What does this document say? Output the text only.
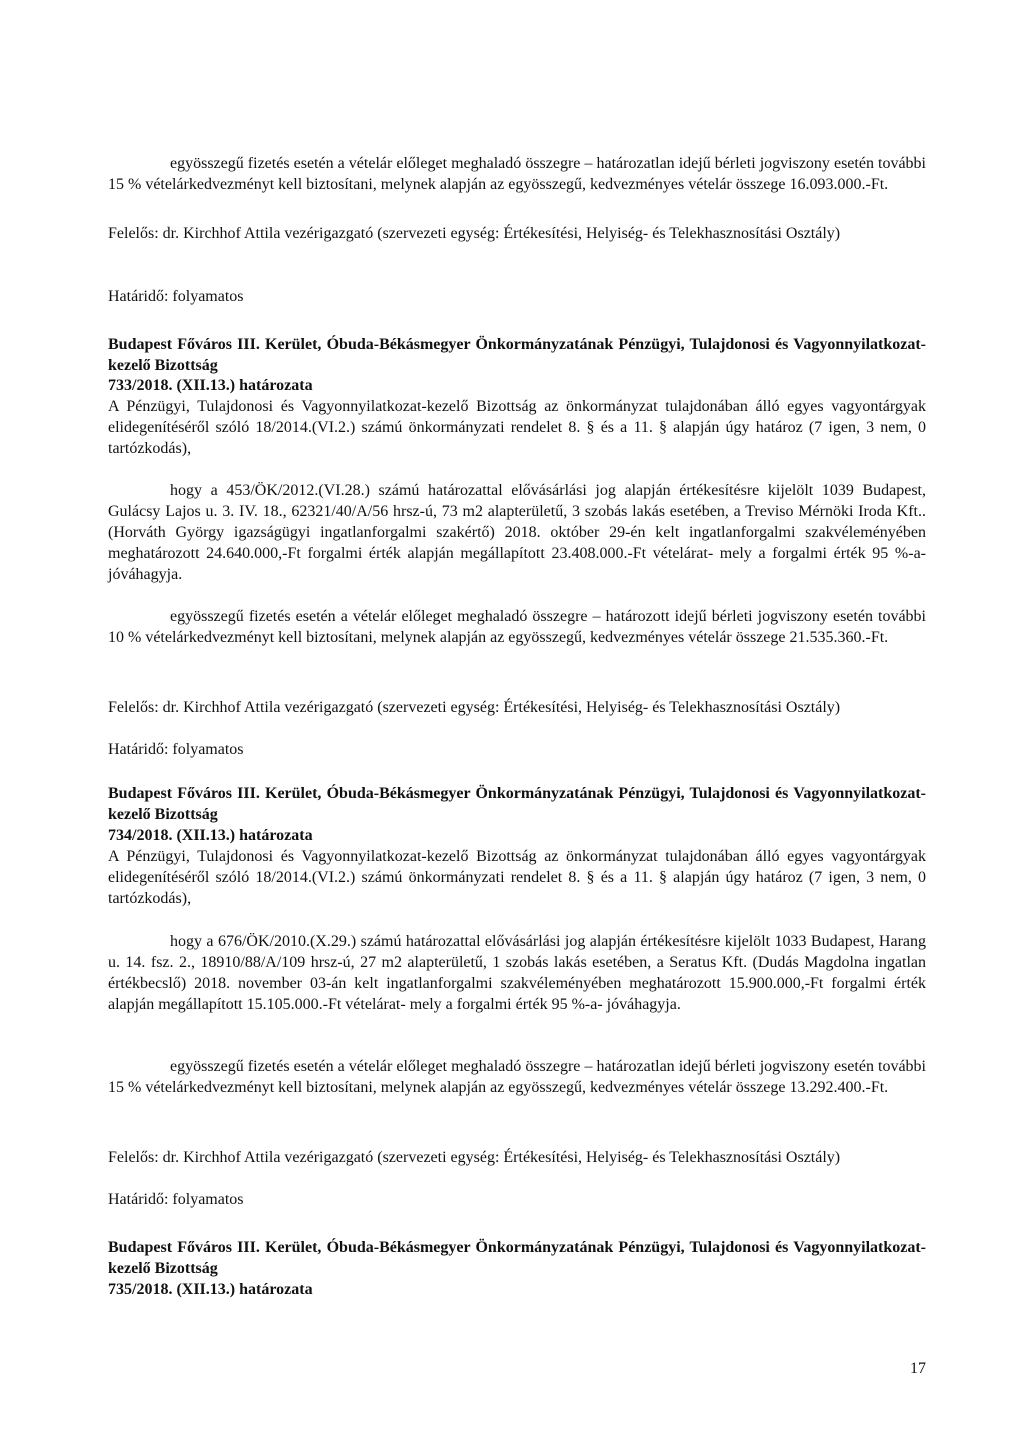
egyösszegű fizetés esetén a vételár előleget meghaladó összegre – határozatlan idejű bérleti jogviszony esetén további 15 % vételárkedvezményt kell biztosítani, melynek alapján az egyösszegű, kedvezményes vételár összege 16.093.000.-Ft.

Felelős: dr. Kirchhof Attila vezérigazgató (szervezeti egység: Értékesítési, Helyiség- és Telekhasznosítási Osztály)

Határidő: folyamatos

Budapest Főváros III. Kerület, Óbuda-Békásmegyer Önkormányzatának Pénzügyi, Tulajdonosi és Vagyonnyilatkozat-kezelő Bizottság

733/2018. (XII.13.) határozata

A Pénzügyi, Tulajdonosi és Vagyonnyilatkozat-kezelő Bizottság az önkormányzat tulajdonában álló egyes vagyontárgyak elidegenítéséről szóló 18/2014.(VI.2.) számú önkormányzati rendelet 8. § és a 11. § alapján úgy határoz (7 igen, 3 nem, 0 tartózkodás),

hogy a 453/ÖK/2012.(VI.28.) számú határozattal elővásárlási jog alapján értékesítésre kijelölt 1039 Budapest, Gulácsy Lajos u. 3. IV. 18., 62321/40/A/56 hrsz-ú, 73 m2 alapterületű, 3 szobás lakás esetében, a Treviso Mérnöki Iroda Kft.. (Horváth György igazságügyi ingatlanforgalmi szakértő) 2018. október 29-én kelt ingatlanforgalmi szakvéleményében meghatározott 24.640.000,-Ft forgalmi érték alapján megállapított 23.408.000.-Ft vételárat- mely a forgalmi érték 95 %-a- jóváhagyja.

egyösszegű fizetés esetén a vételár előleget meghaladó összegre – határozott idejű bérleti jogviszony esetén további 10 % vételárkedvezményt kell biztosítani, melynek alapján az egyösszegű, kedvezményes vételár összege 21.535.360.-Ft.

Felelős: dr. Kirchhof Attila vezérigazgató (szervezeti egység: Értékesítési, Helyiség- és Telekhasznosítási Osztály)

Határidő: folyamatos

Budapest Főváros III. Kerület, Óbuda-Békásmegyer Önkormányzatának Pénzügyi, Tulajdonosi és Vagyonnyilatkozat-kezelő Bizottság

734/2018. (XII.13.) határozata

A Pénzügyi, Tulajdonosi és Vagyonnyilatkozat-kezelő Bizottság az önkormányzat tulajdonában álló egyes vagyontárgyak elidegenítéséről szóló 18/2014.(VI.2.) számú önkormányzati rendelet 8. § és a 11. § alapján úgy határoz (7 igen, 3 nem, 0 tartózkodás),

hogy a 676/ÖK/2010.(X.29.) számú határozattal elővásárlási jog alapján értékesítésre kijelölt 1033 Budapest, Harang u. 14. fsz. 2., 18910/88/A/109 hrsz-ú, 27 m2 alapterületű, 1 szobás lakás esetében, a Seratus Kft. (Dudás Magdolna ingatlan értékbecslő) 2018. november 03-án kelt ingatlanforgalmi szakvéleményében meghatározott 15.900.000,-Ft forgalmi érték alapján megállapított 15.105.000.-Ft vételárat- mely a forgalmi érték 95 %-a- jóváhagyja.

egyösszegű fizetés esetén a vételár előleget meghaladó összegre – határozatlan idejű bérleti jogviszony esetén további 15 % vételárkedvezményt kell biztosítani, melynek alapján az egyösszegű, kedvezményes vételár összege 13.292.400.-Ft.

Felelős: dr. Kirchhof Attila vezérigazgató (szervezeti egység: Értékesítési, Helyiség- és Telekhasznosítási Osztály)

Határidő: folyamatos

Budapest Főváros III. Kerület, Óbuda-Békásmegyer Önkormányzatának Pénzügyi, Tulajdonosi és Vagyonnyilatkozat-kezelő Bizottság

735/2018. (XII.13.) határozata

17
